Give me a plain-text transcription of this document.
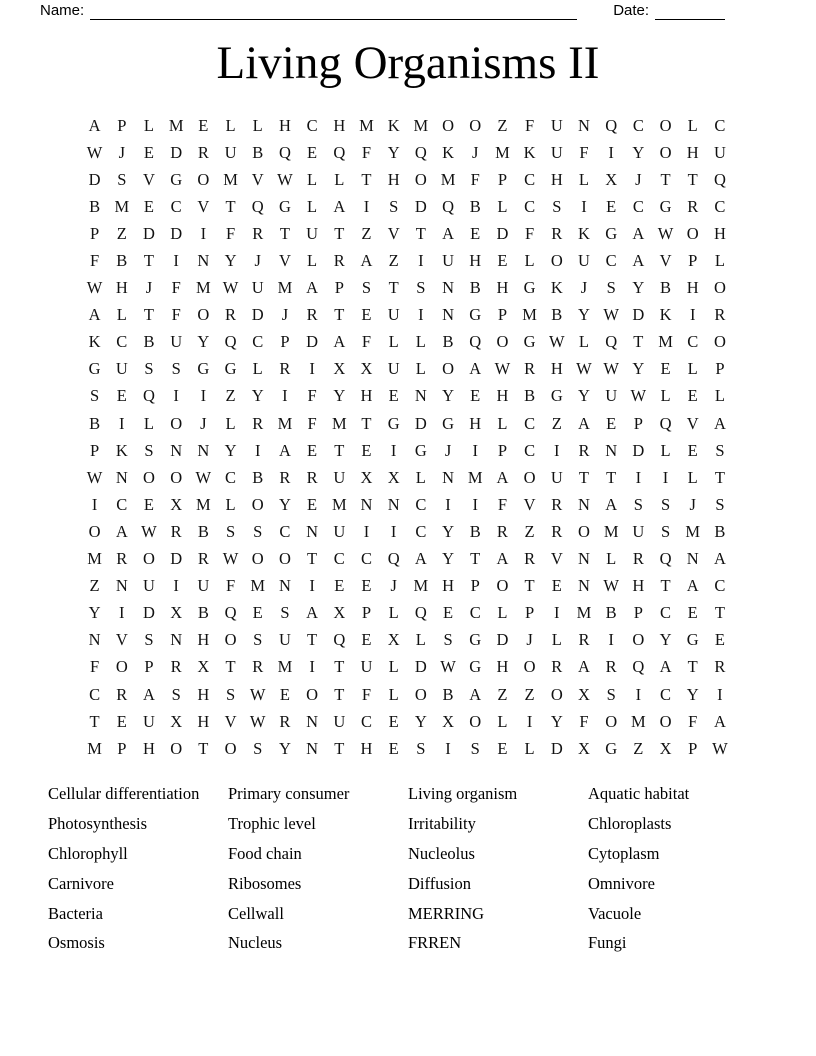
Name:	Date:
Living Organisms II
A	P	L M E	L	L H C H M K M O O Z	F	U N Q C O L	C
W J	E D R U B Q E Q	F	Y Q K	J	M K U	F	I	Y O H U
D	S	V G O M V W L	L	T H O M F	P	C H L X	J	T	T Q
B M E	C V T Q G L A	I	S	D Q B	L	C	S	I	E	C G R C
P	Z D D	I	F	R	T U T	Z V T A E D	F	R K G A W O H
F	B	T	I	N Y	J	V L	R A Z	I	U H E	L O U C A V	P	L
W H	J	F M W U M A	P	S	T	S	N B H G K	J	S	Y B H O
A L	T	F	O R D	J	R	T	E U	I	N G	P M B Y W D K	I	R
K C B U Y Q C	P	D A	F	L	L	B Q O G W L Q T M C O
G U	S	S	G G L	R	I	X X U L O A W R H W W Y E	L	P
S	E Q	I	I	Z Y	I	F	Y H E N Y E H B G Y U W L	E	L
B	I	L O	J	L	R M F M T G D G H L	C	Z A E	P	Q V A
P	K	S	N N Y	I	A E	T	E	I	G	J	I	P	C	I	R N D L	E	S
W N O O W C B R R U X X L N M A O U T	T	I	I	L	T
I	C	E X M L O Y E M N N C	I	I	F	V R N A	S	S	J	S
O A W R B	S	S	C N U	I	I	C Y B R	Z	R O M U	S M B
M R O D R W O O T	C C Q A Y T A R V N L	R Q N A
Z N U	I	U	F M N	I	E	E	J	M H	P	O T	E N W H T A C
Y	I	D X B Q E	S	A X	P	L Q E	C	L	P	I	M B	P	C	E	T
N V	S	N H O	S	U T Q E X L	S	G D	J	L	R	I	O Y G E
F	O	P	R X T	R M	I	T U L D W G H O R A R Q A T	R
C R A	S	H	S W E O T	F	L O B A Z	Z O X	S	I	C Y	I
T	E U X H V W R N U C	E Y X O L	I	Y	F	O M O	F	A
M P	H O T O	S	Y N T H E	S	I	S	E	L D X G Z X	P W
Cellular differentiation
Photosynthesis
Chlorophyll
Carnivore
Bacteria
Osmosis
Primary consumer
Trophic level
Food chain
Ribosomes
Cellwall
Nucleus
Living organism
Irritability
Nucleolus
Diffusion
MERRING
FRREN
Aquatic habitat
Chloroplasts
Cytoplasm
Omnivore
Vacuole
Fungi
